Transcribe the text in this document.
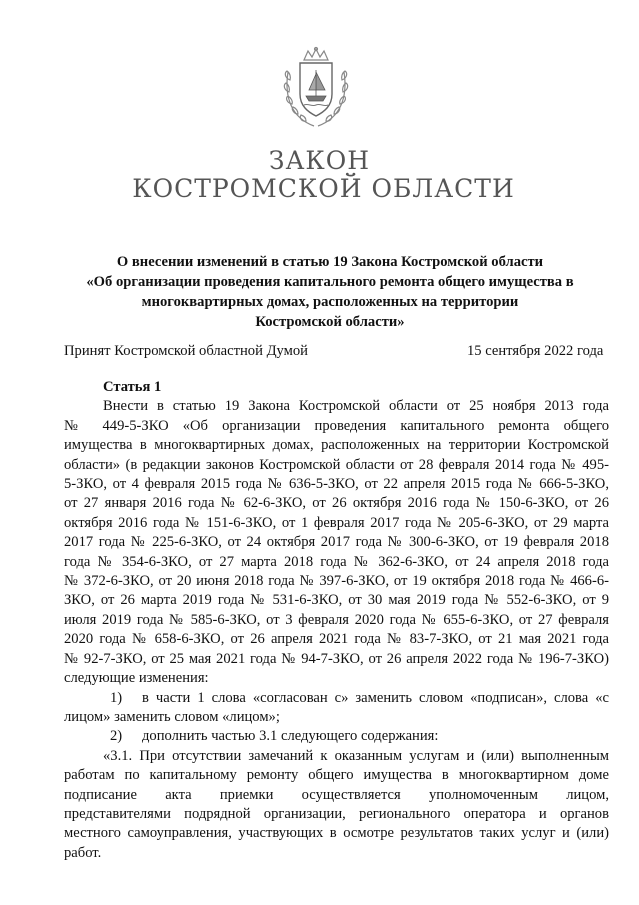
ЗАКОН
КОСТРОМСКОЙ ОБЛАСТИ
О внесении изменений в статью 19 Закона Костромской области
«Об организации проведения капитального ремонта общего имущества в
многоквартирных домах, расположенных на территории
Костромской области»
Принят Костромской областной Думой	15 сентября 2022 года
Статья 1
Внести в статью 19 Закона Костромской области от 25 ноября 2013 года
№ 449-5-ЗКО «Об организации проведения капитального ремонта общего
имущества в многоквартирных домах, расположенных на территории Костромской
области» (в редакции законов Костромской области от 28 февраля 2014 года № 495-
5-ЗКО, от 4 февраля 2015 года № 636-5-ЗКО, от 22 апреля 2015 года № 666-5-ЗКО,
от 27 января 2016 года № 62-6-ЗКО, от 26 октября 2016 года № 150-6-ЗКО, от 26
октября 2016 года № 151-6-ЗКО, от 1 февраля 2017 года № 205-6-ЗКО, от 29 марта
2017 года № 225-6-ЗКО, от 24 октября 2017 года № 300-6-ЗКО, от 19 февраля 2018
года № 354-6-ЗКО, от 27 марта 2018 года № 362-6-ЗКО, от 24 апреля 2018 года
№ 372-6-ЗКО, от 20 июня 2018 года № 397-6-ЗКО, от 19 октября 2018 года № 466-6-
ЗКО, от 26 марта 2019 года № 531-6-ЗКО, от 30 мая 2019 года № 552-6-ЗКО, от 9
июля 2019 года № 585-6-ЗКО, от 3 февраля 2020 года № 655-6-ЗКО, от 27 февраля
2020 года № 658-6-ЗКО, от 26 апреля 2021 года № 83-7-ЗКО, от 21 мая 2021 года
№ 92-7-ЗКО, от 25 мая 2021 года № 94-7-ЗКО, от 26 апреля 2022 года № 196-7-ЗКО)
следующие изменения:
1)	в части 1 слова «согласован с» заменить словом «подписан», слова «с
лицом» заменить словом «лицом»;
2)	дополнить частью 3.1 следующего содержания:
«3.1. При отсутствии замечаний к оказанным услугам и (или) выполненным
работам по капитальному ремонту общего имущества в многоквартирном доме
подписание акта приемки осуществляется уполномоченным лицом,
представителями подрядной организации, регионального оператора и органов
местного самоуправления, участвующих в осмотре результатов таких услуг и (или)
работ.
